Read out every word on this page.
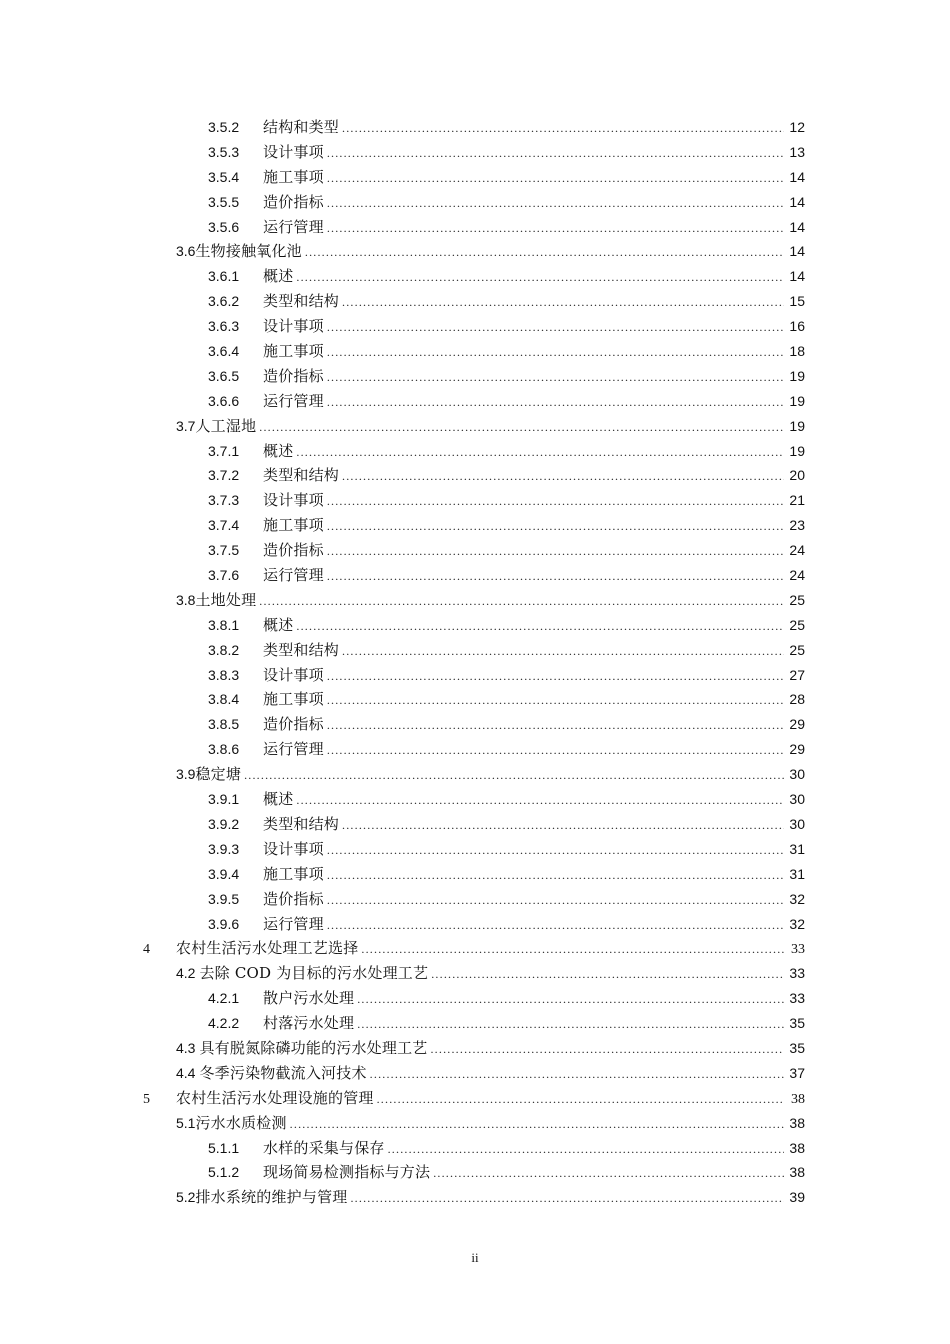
3.5.2	结构和类型 .....	12
3.5.3	设计事项 .....	13
3.5.4	施工事项 .....	14
3.5.5	造价指标 .....	14
3.5.6	运行管理 .....	14
3.6 生物接触氧化池 .....	14
3.6.1	概述 .....	14
3.6.2	类型和结构 .....	15
3.6.3	设计事项 .....	16
3.6.4	施工事项 .....	18
3.6.5	造价指标 .....	19
3.6.6	运行管理 .....	19
3.7 人工湿地 .....	19
3.7.1	概述 .....	19
3.7.2	类型和结构 .....	20
3.7.3	设计事项 .....	21
3.7.4	施工事项 .....	23
3.7.5	造价指标 .....	24
3.7.6	运行管理 .....	24
3.8 土地处理 .....	25
3.8.1	概述 .....	25
3.8.2	类型和结构 .....	25
3.8.3	设计事项 .....	27
3.8.4	施工事项 .....	28
3.8.5	造价指标 .....	29
3.8.6	运行管理 .....	29
3.9 稳定塘 .....	30
3.9.1	概述 .....	30
3.9.2	类型和结构 .....	30
3.9.3	设计事项 .....	31
3.9.4	施工事项 .....	31
3.9.5	造价指标 .....	32
3.9.6	运行管理 .....	32
4	农村生活污水处理工艺选择 .....	33
4.2 去除 COD 为目标的污水处理工艺 .....	33
4.2.1	散户污水处理 .....	33
4.2.2	村落污水处理 .....	35
4.3 具有脱氮除磷功能的污水处理工艺 .....	35
4.4 冬季污染物截流入河技术 .....	37
5	农村生活污水处理设施的管理 .....	38
5.1 污水水质检测 .....	38
5.1.1	水样的采集与保存 .....	38
5.1.2	现场简易检测指标与方法 .....	38
5.2 排水系统的维护与管理 .....	39
ii
